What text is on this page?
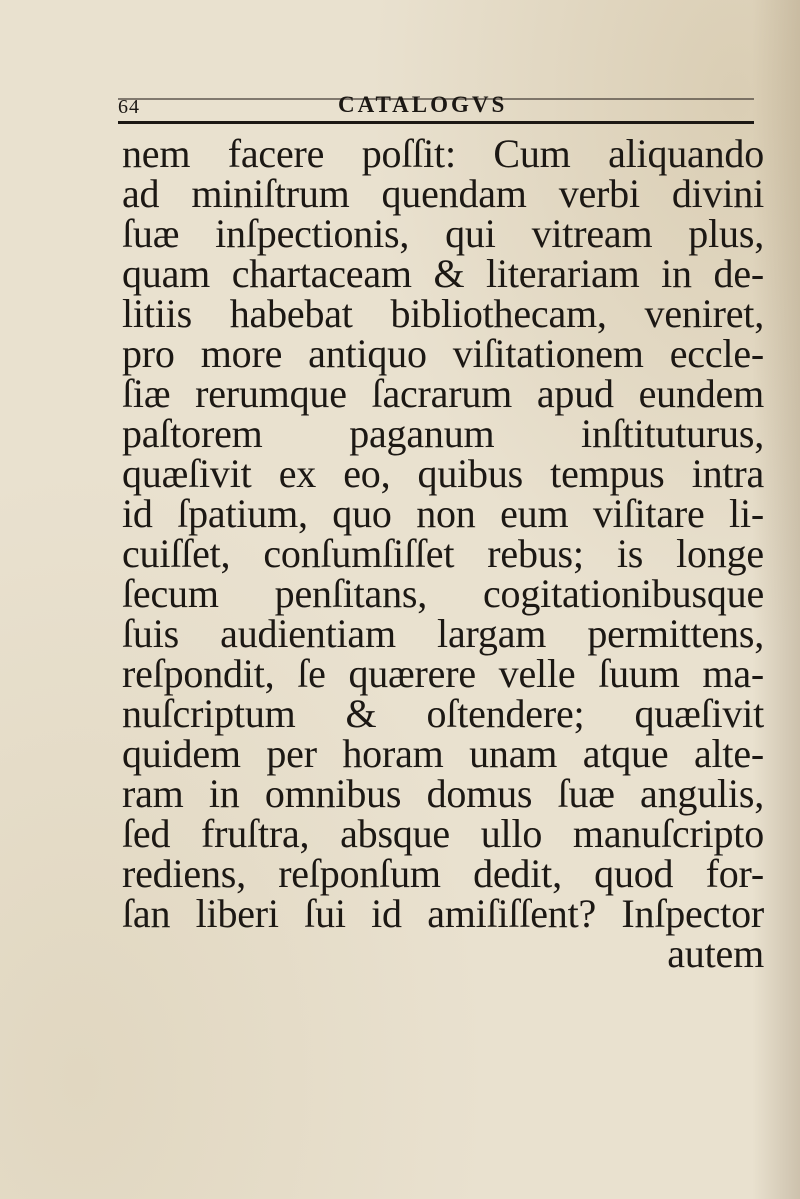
64	CATALOGVS
nem facere poſſit: Cum aliquando
ad miniſtrum quendam verbi divini
ſuæ inſpectionis, qui vitream plus,
quam chartaceam & literariam in de-
litiis habebat bibliothecam, veniret,
pro more antiquo viſitationem eccle-
ſiæ rerumque ſacrarum apud eundem
paſtorem paganum inſtituturus,
quæſivit ex eo, quibus tempus intra
id ſpatium, quo non eum viſitare li-
cuiſſet, conſumſiſſet rebus; is longe
ſecum penſitans, cogitationibusque
ſuis audientiam largam permittens,
reſpondit, ſe quærere velle ſuum ma-
nuſcriptum & oſtendere; quæſivit
quidem per horam unam atque alte-
ram in omnibus domus ſuæ angulis,
ſed fruſtra, absque ullo manuſcripto
rediens, reſponſum dedit, quod for-
ſan liberi ſui id amiſiſſent? Inſpector
autem
